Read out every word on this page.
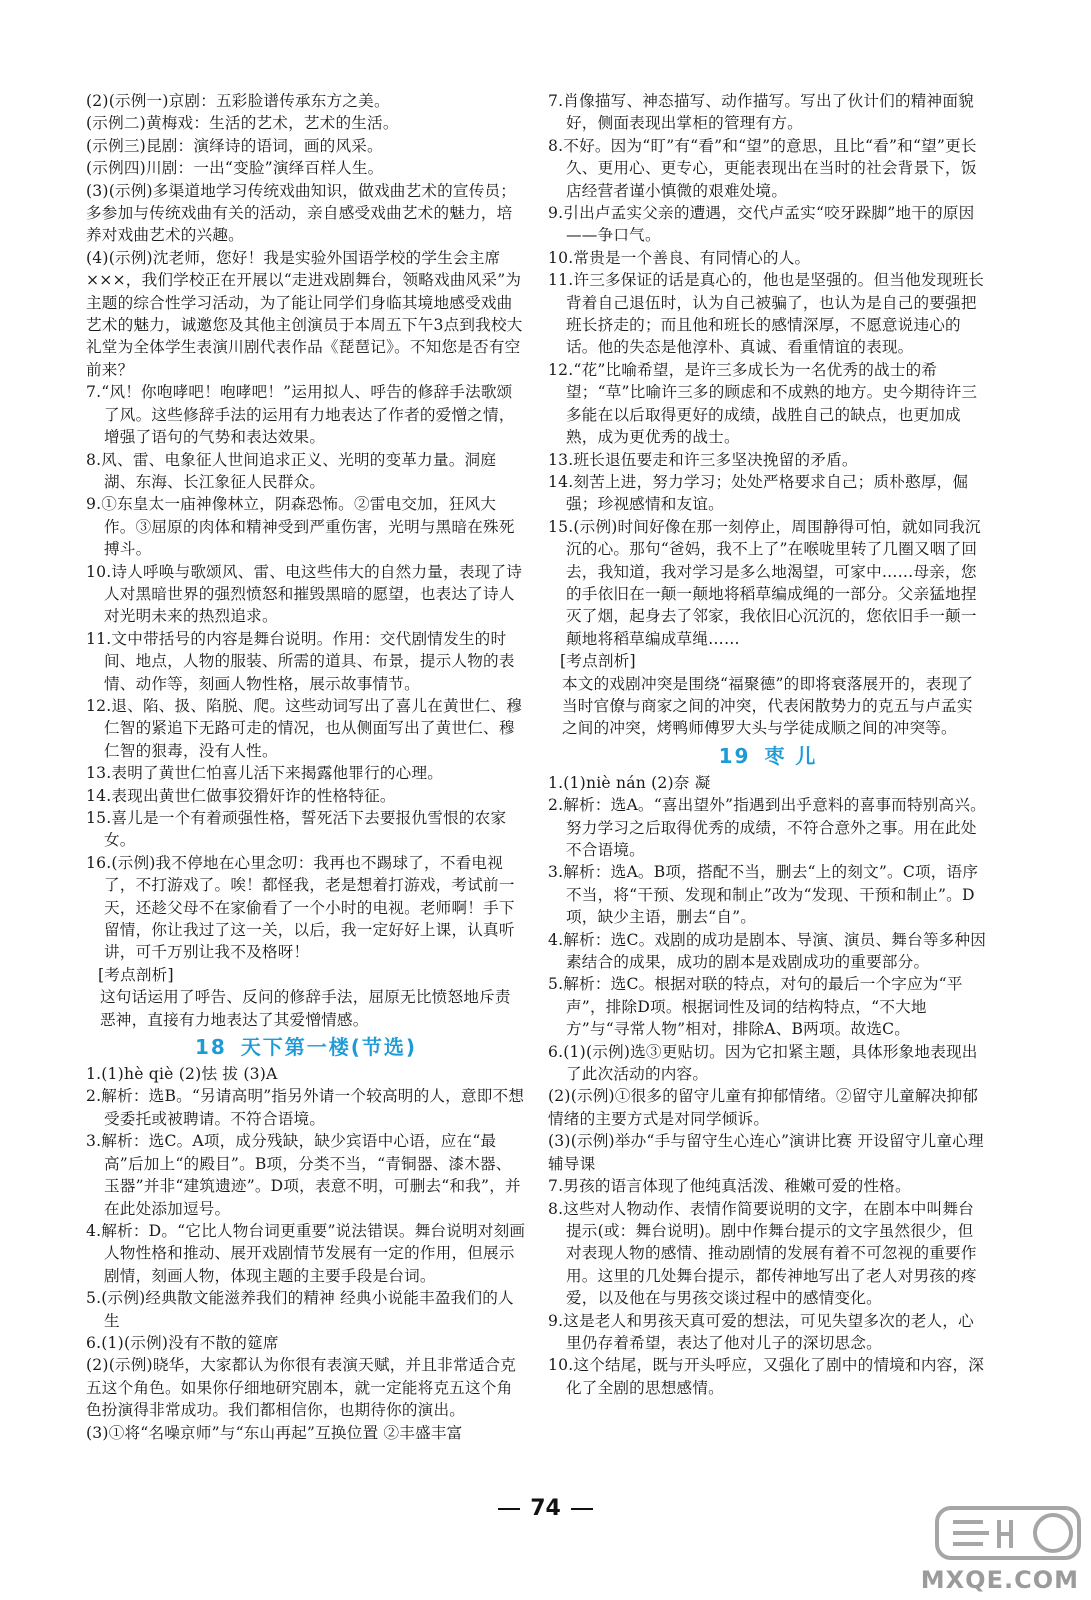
(2)(示例一)京剧：五彩脸谱传承东方之美。

(示例二)黄梅戏：生活的艺术，艺术的生活。

(示例三)昆剧：演绎诗的语词，画的风采。

(示例四)川剧：一出“变脸”演绎百样人生。

(3)(示例)多渠道地学习传统戏曲知识，做戏曲艺术的宣传员；多参加与传统戏曲有关的活动，亲自感受戏曲艺术的魅力，培养对戏曲艺术的兴趣。

(4)(示例)沈老师，您好！我是实验外国语学校的学生会主席×××，我们学校正在开展以“走进戏剧舞台，领略戏曲风采”为主题的综合性学习活动，为了能让同学们身临其境地感受戏曲艺术的魅力，诚邀您及其他主创演员于本周五下午3点到我校大礼堂为全体学生表演川剧代表作品《琵琶记》。不知您是否有空前来？

7.“风！你咆哮吧！咆哮吧！”运用拟人、呼告的修辞手法歌颂了风。这些修辞手法的运用有力地表达了作者的爱憎之情，增强了语句的气势和表达效果。

8.风、雷、电象征人世间追求正义、光明的变革力量。洞庭湖、东海、长江象征人民群众。

9.①东皇太一庙神像林立，阴森恐怖。②雷电交加，狂风大作。③屈原的肉体和精神受到严重伤害，光明与黑暗在殊死搏斗。

10.诗人呼唤与歌颂风、雷、电这些伟大的自然力量，表现了诗人对黑暗世界的强烈愤怒和摧毁黑暗的愿望，也表达了诗人对光明未来的热烈追求。

11.文中带括号的内容是舞台说明。作用：交代剧情发生的时间、地点，人物的服装、所需的道具、布景，提示人物的表情、动作等，刻画人物性格，展示故事情节。

12.退、陷、扱、陷脱、爬。这些动词写出了喜儿在黄世仁、穆仁智的紧追下无路可走的情况，也从侧面写出了黄世仁、穆仁智的狠毒，没有人性。

13.表明了黄世仁怕喜儿活下来揭露他罪行的心理。

14.表现出黄世仁做事狡猾奸诈的性格特征。

15.喜儿是一个有着顽强性格，誓死活下去要报仇雪恨的农家女。

16.(示例)我不停地在心里念叨：我再也不踢球了，不看电视了，不打游戏了。唉！都怪我，老是想着打游戏，考试前一天，还趁父母不在家偷看了一个小时的电视。老师啊！手下留情，你让我过了这一关，以后，我一定好好上课，认真听讲，可千万别让我不及格呀！

[考点剖析]

这句话运用了呼告、反问的修辞手法，屈原无比愤怒地斥责恶神，直接有力地表达了其爱憎情感。

18 天下第一楼(节选)

1.(1)hè qiè (2)怯 拔 (3)A

2.解析：选B。“另请高明”指另外请一个较高明的人，意即不想受委托或被聘请。不符合语境。

3.解析：选C。A项，成分残缺，缺少宾语中心语，应在“最高”后加上“的殿目”。B项，分类不当，“青铜器、漆木器、玉器”并非“建筑遗迹”。D项，表意不明，可删去“和我”，并在此处添加逗号。

4.解析：D。“它比人物台词更重要”说法错误。舞台说明对刻画人物性格和推动、展开戏剧情节发展有一定的作用，但展示剧情，刻画人物，体现主题的主要手段是台词。

5.(示例)经典散文能滋养我们的精神 经典小说能丰盈我们的人生

6.(1)(示例)没有不散的筵席

(2)(示例)晓华，大家都认为你很有表演天赋，并且非常适合克五这个角色。如果你仔细地研究剧本，就一定能将克五这个角色扮演得非常成功。我们都相信你，也期待你的演出。

(3)①将“名噪京师”与“东山再起”互换位置 ②丰盛丰富

7.肖像描写、神态描写、动作描写。写出了伙计们的精神面貌好，侧面表现出掌柜的管理有方。

8.不好。因为“盯”有“看”和“望”的意思，且比“看”和“望”更长久、更用心、更专心，更能表现出在当时的社会背景下，饭店经营者谨小慎微的艰难处境。

9.引出卢孟实父亲的遭遇，交代卢孟实“咬牙跺脚”地干的原因——争口气。

10.常贵是一个善良、有同情心的人。

11.许三多保证的话是真心的，他也是坚强的。但当他发现班长背着自己退伍时，认为自己被骗了，也认为是自己的要强把班长挤走的；而且他和班长的感情深厚，不愿意说违心的话。他的失态是他淳朴、真诚、看重情谊的表现。

12.“花”比喻希望，是许三多成长为一名优秀的战士的希望；“草”比喻许三多的顾虑和不成熟的地方。史今期待许三多能在以后取得更好的成绩，战胜自己的缺点，也更加成熟，成为更优秀的战士。

13.班长退伍要走和许三多坚决挽留的矛盾。

14.刻苦上进，努力学习；处处严格要求自己；质朴憨厚，倔强；珍视感情和友谊。

15.(示例)时间好像在那一刻停止，周围静得可怕，就如同我沉沉的心。那句“爸妈，我不上了”在喉咙里转了几圈又咽了回去，我知道，我对学习是多么地渴望，可家中……母亲，您的手依旧在一颠一颠地将稻草编成绳的一部分。父亲猛地捏灭了烟，起身去了邻家，我依旧心沉沉的，您依旧手一颠一颠地将稻草编成草绳……

[考点剖析]

本文的戏剧冲突是围绕“福聚德”的即将衰落展开的，表现了当时官僚与商家之间的冲突，代表闲散势力的克五与卢孟实之间的冲突，烤鸭师傅罗大头与学徒成顺之间的冲突等。

19 枣 儿

1.(1)niè nán (2)奈 凝

2.解析：选A。“喜出望外”指遇到出乎意料的喜事而特别高兴。努力学习之后取得优秀的成绩，不符合意外之事。用在此处不合语境。

3.解析：选A。B项，搭配不当，删去“上的刻文”。C项，语序不当，将“干预、发现和制止”改为“发现、干预和制止”。D项，缺少主语，删去“自”。

4.解析：选C。戏剧的成功是剧本、导演、演员、舞台等多种因素结合的成果，成功的剧本是戏剧成功的重要部分。

5.解析：选C。根据对联的特点，对句的最后一个字应为“平声”，排除D项。根据词性及词的结构特点，“不大地方”与“寻常人物”相对，排除A、B两项。故选C。

6.(1)(示例)选③更贴切。因为它扣紧主题，具体形象地表现出了此次活动的内容。

(2)(示例)①很多的留守儿童有抑郁情绪。②留守儿童解决抑郁情绪的主要方式是对同学倾诉。

(3)(示例)举办“手与留守生心连心”演讲比赛 开设留守儿童心理辅导课

7.男孩的语言体现了他纯真活泼、稚嫩可爱的性格。

8.这些对人物动作、表情作简要说明的文字，在剧本中叫舞台提示(或：舞台说明)。剧中作舞台提示的文字虽然很少，但对表现人物的感情、推动剧情的发展有着不可忽视的重要作用。这里的几处舞台提示，都传神地写出了老人对男孩的疼爱，以及他在与男孩交谈过程中的感情变化。

9.这是老人和男孩天真可爱的想法，可见失望多次的老人，心里仍存着希望，表达了他对儿子的深切思念。

10.这个结尾，既与开头呼应，又强化了剧中的情境和内容，深化了全剧的思想感情。

74
MXQE.COM
